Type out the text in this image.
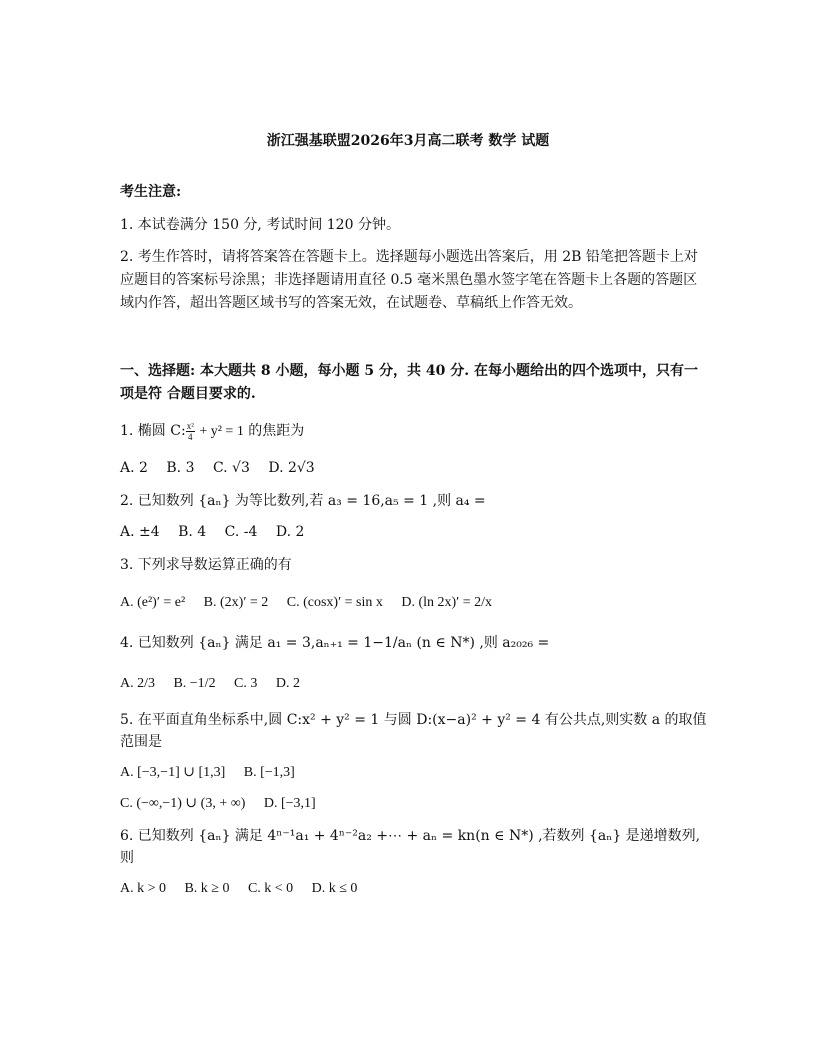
浙江强基联盟2026年3月高二联考 数学 试题
考生注意:
1. 本试卷满分 150 分, 考试时间 120 分钟。
2. 考生作答时，请将答案答在答题卡上。选择题每小题选出答案后，用 2B 铅笔把答题卡上对应题目的答案标号涂黑；非选择题请用直径 0.5 毫米黑色墨水签字笔在答题卡上各题的答题区域内作答，超出答题区域书写的答案无效，在试题卷、草稿纸上作答无效。
一、选择题: 本大题共 8 小题，每小题 5 分，共 40 分. 在每小题给出的四个选项中，只有一项是符 合题目要求的.
1. 椭圆 C: $\frac{\text{x²}}{4} + y^2 = 1$ 的焦距为
A. 2 B. 3 C. √3 D. 2√3
2. 已知数列 {aₙ} 为等比数列,若 a₃ = 16,a₅ = 1 ,则 a₄ =
A. ±4 B. 4 C. -4 D. 2
3. 下列求导数运算正确的有
A. (e²)′ = e² B. (2x)′ = 2 C. (cosx)′ = sin x D. (ln 2x)′ = 2/x
4. 已知数列 {aₙ} 满足 a₁ = 3,aₙ₊₁ = 1−1/aₙ (n ∈ N*) ,则 a₂₀₂₆ =
A. 2/3 B. −1/2 C. 3 D. 2
5. 在平面直角坐标系中,圆 C:x² + y² = 1 与圆 D:(x−a)² + y² = 4 有公共点,则实数 a 的取值范围是
A. [−3,−1] ∪ [1,3] B. [−1,3]
C. (−∞,−1) ∪ (3, + ∞) D. [−3,1]
6. 已知数列 {aₙ} 满足 4ⁿ⁻¹a₁ + 4ⁿ⁻²a₂ +⋯ + aₙ = kn(n ∈ N*) ,若数列 {aₙ} 是递增数列,则
A. k > 0 B. k ≥ 0 C. k < 0 D. k ≤ 0
